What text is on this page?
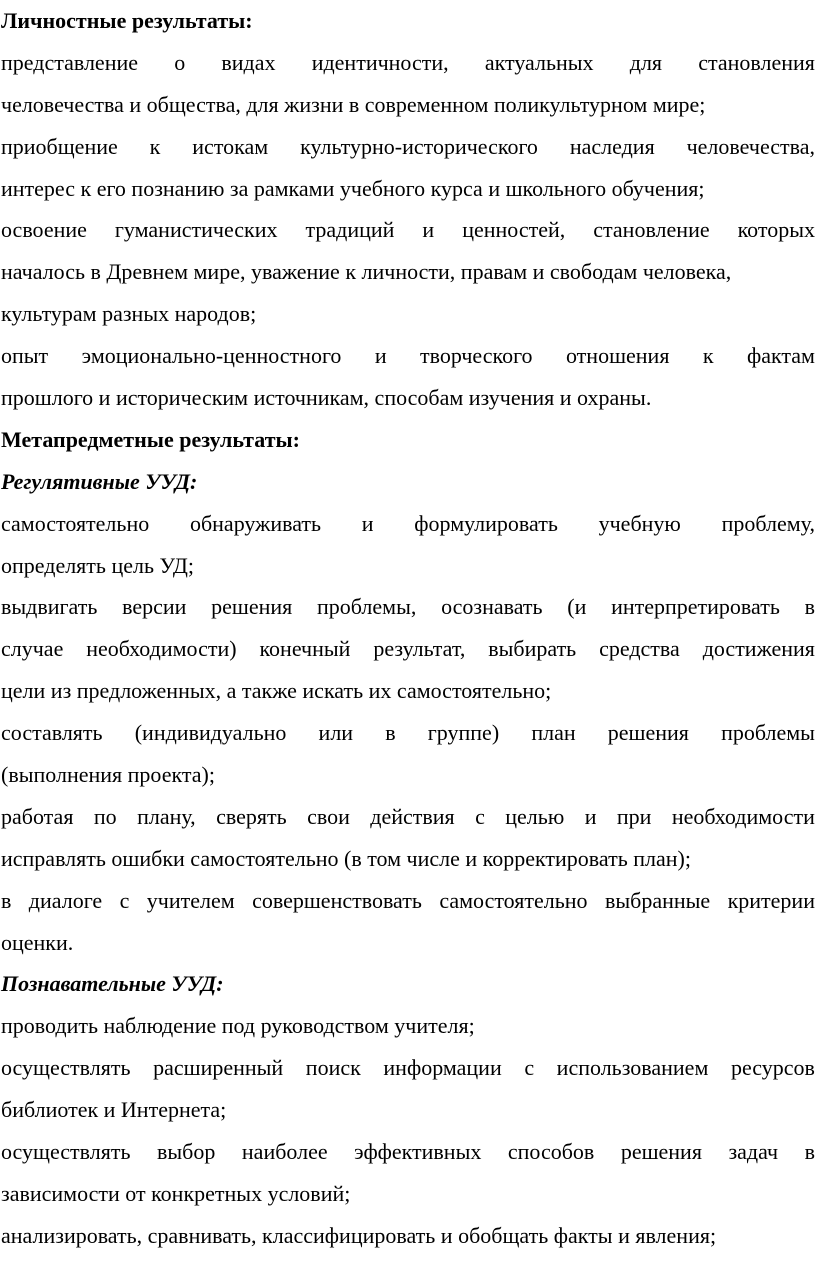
Личностные результаты:
представление о видах идентичности, актуальных для становления
человечества и общества, для жизни в современном поликультурном мире;
приобщение к истокам культурно-исторического наследия человечества,
интерес к его познанию за рамками учебного курса и школьного обучения;
освоение гуманистических традиций и ценностей, становление которых
началось в Древнем мире, уважение к личности, правам и свободам человека,
культурам разных народов;
опыт эмоционально-ценностного и творческого отношения к фактам
прошлого и историческим источникам, способам изучения и охраны.
Метапредметные результаты:
Регулятивные УУД:
самостоятельно обнаруживать и формулировать учебную проблему,
определять цель УД;
выдвигать версии решения проблемы, осознавать (и интерпретировать в
случае необходимости) конечный результат, выбирать средства достижения
цели из предложенных, а также искать их самостоятельно;
составлять (индивидуально или в группе) план решения проблемы
(выполнения проекта);
работая по плану, сверять свои действия с целью и при необходимости
исправлять ошибки самостоятельно (в том числе и корректировать план);
в диалоге с учителем совершенствовать самостоятельно выбранные критерии
оценки.
Познавательные УУД:
проводить наблюдение под руководством учителя;
осуществлять расширенный поиск информации с использованием ресурсов
библиотек и Интернета;
осуществлять выбор наиболее эффективных способов решения задач в
зависимости от конкретных условий;
анализировать, сравнивать, классифицировать и обобщать факты и явления;
